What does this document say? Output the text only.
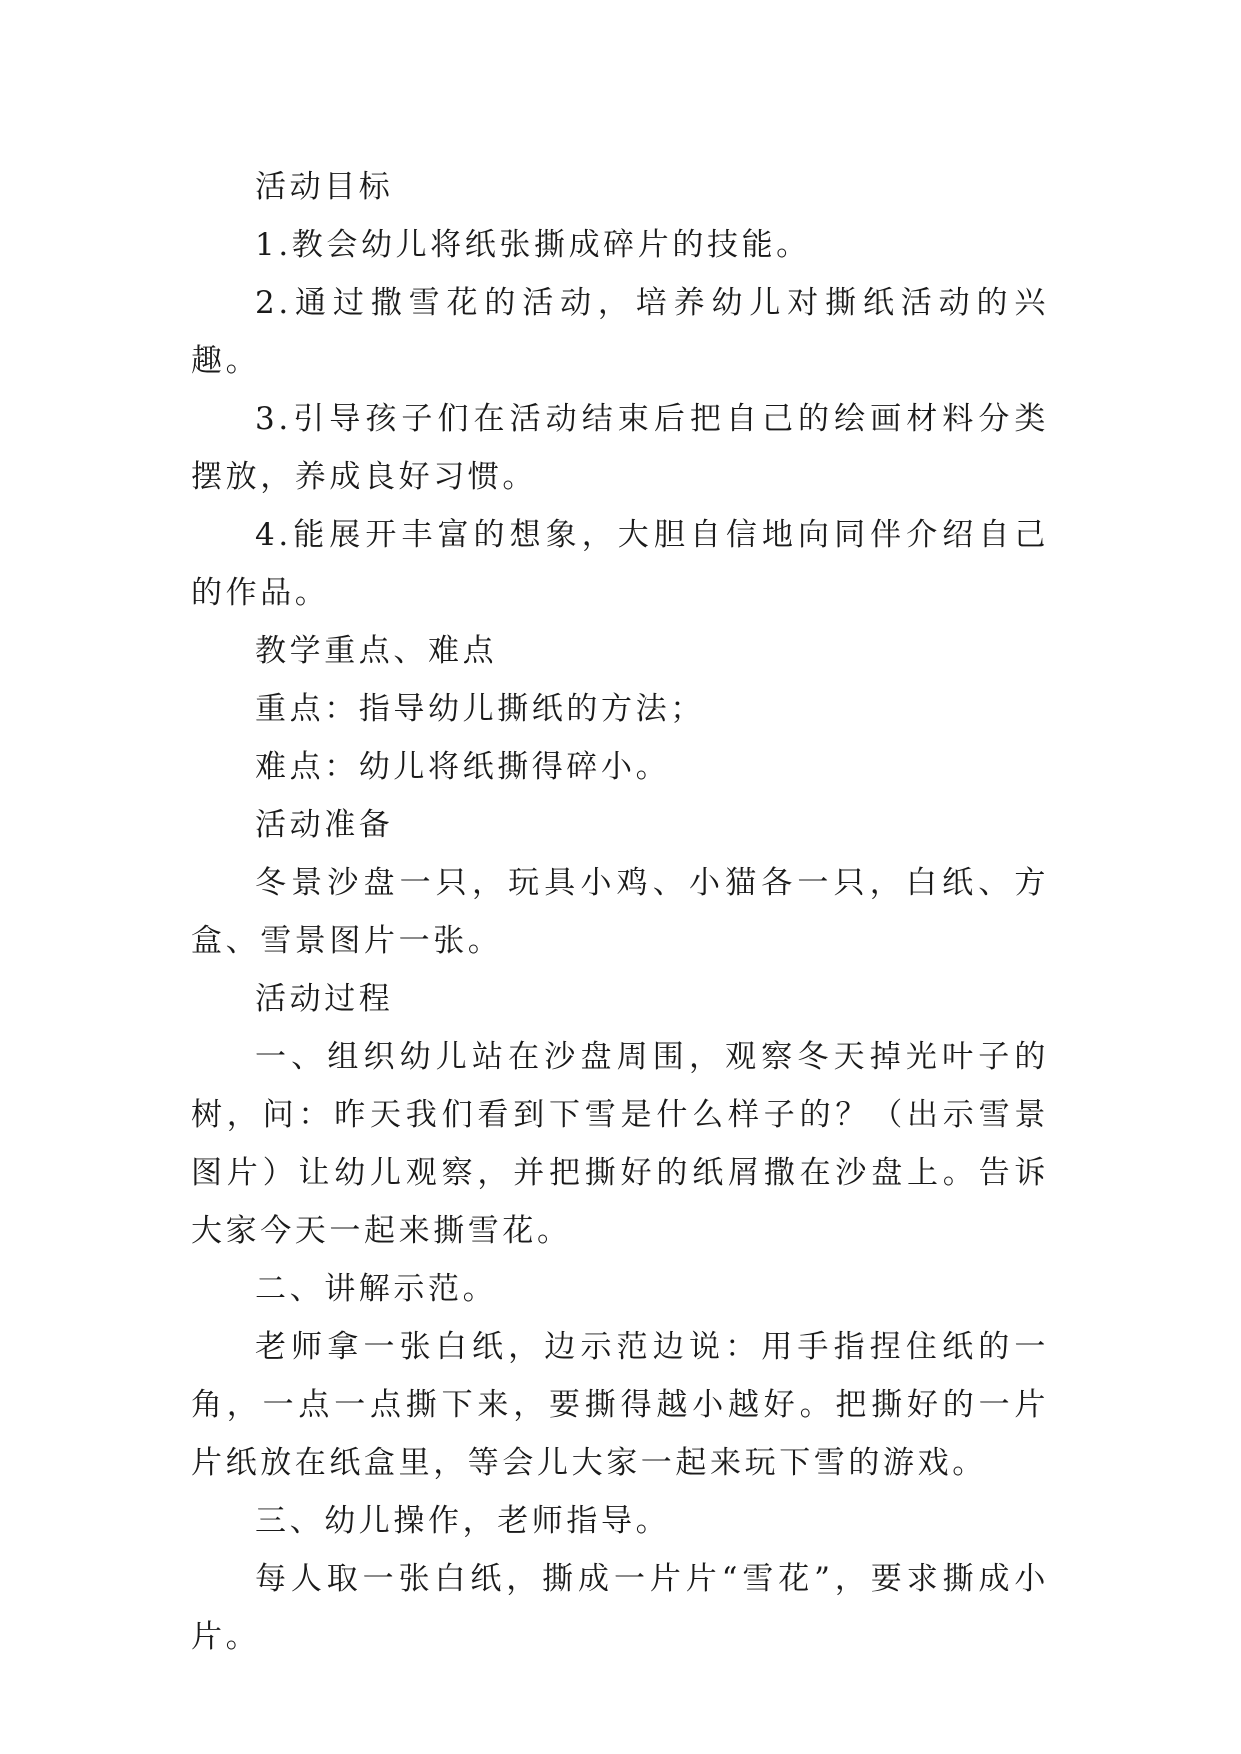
活动目标

1.教会幼儿将纸张撕成碎片的技能。

2.通过撒雪花的活动，培养幼儿对撕纸活动的兴趣。

3.引导孩子们在活动结束后把自己的绘画材料分类摆放，养成良好习惯。

4.能展开丰富的想象，大胆自信地向同伴介绍自己的作品。

教学重点、难点

重点：指导幼儿撕纸的方法；

难点：幼儿将纸撕得碎小。

活动准备

冬景沙盘一只，玩具小鸡、小猫各一只，白纸、方盒、雪景图片一张。

活动过程

一、组织幼儿站在沙盘周围，观察冬天掉光叶子的树，问：昨天我们看到下雪是什么样子的？（出示雪景图片）让幼儿观察，并把撕好的纸屑撒在沙盘上。告诉大家今天一起来撕雪花。

二、讲解示范。

老师拿一张白纸，边示范边说：用手指捏住纸的一角，一点一点撕下来，要撕得越小越好。把撕好的一片片纸放在纸盒里，等会儿大家一起来玩下雪的游戏。

三、幼儿操作，老师指导。

每人取一张白纸，撕成一片片“雪花”，要求撕成小片。
